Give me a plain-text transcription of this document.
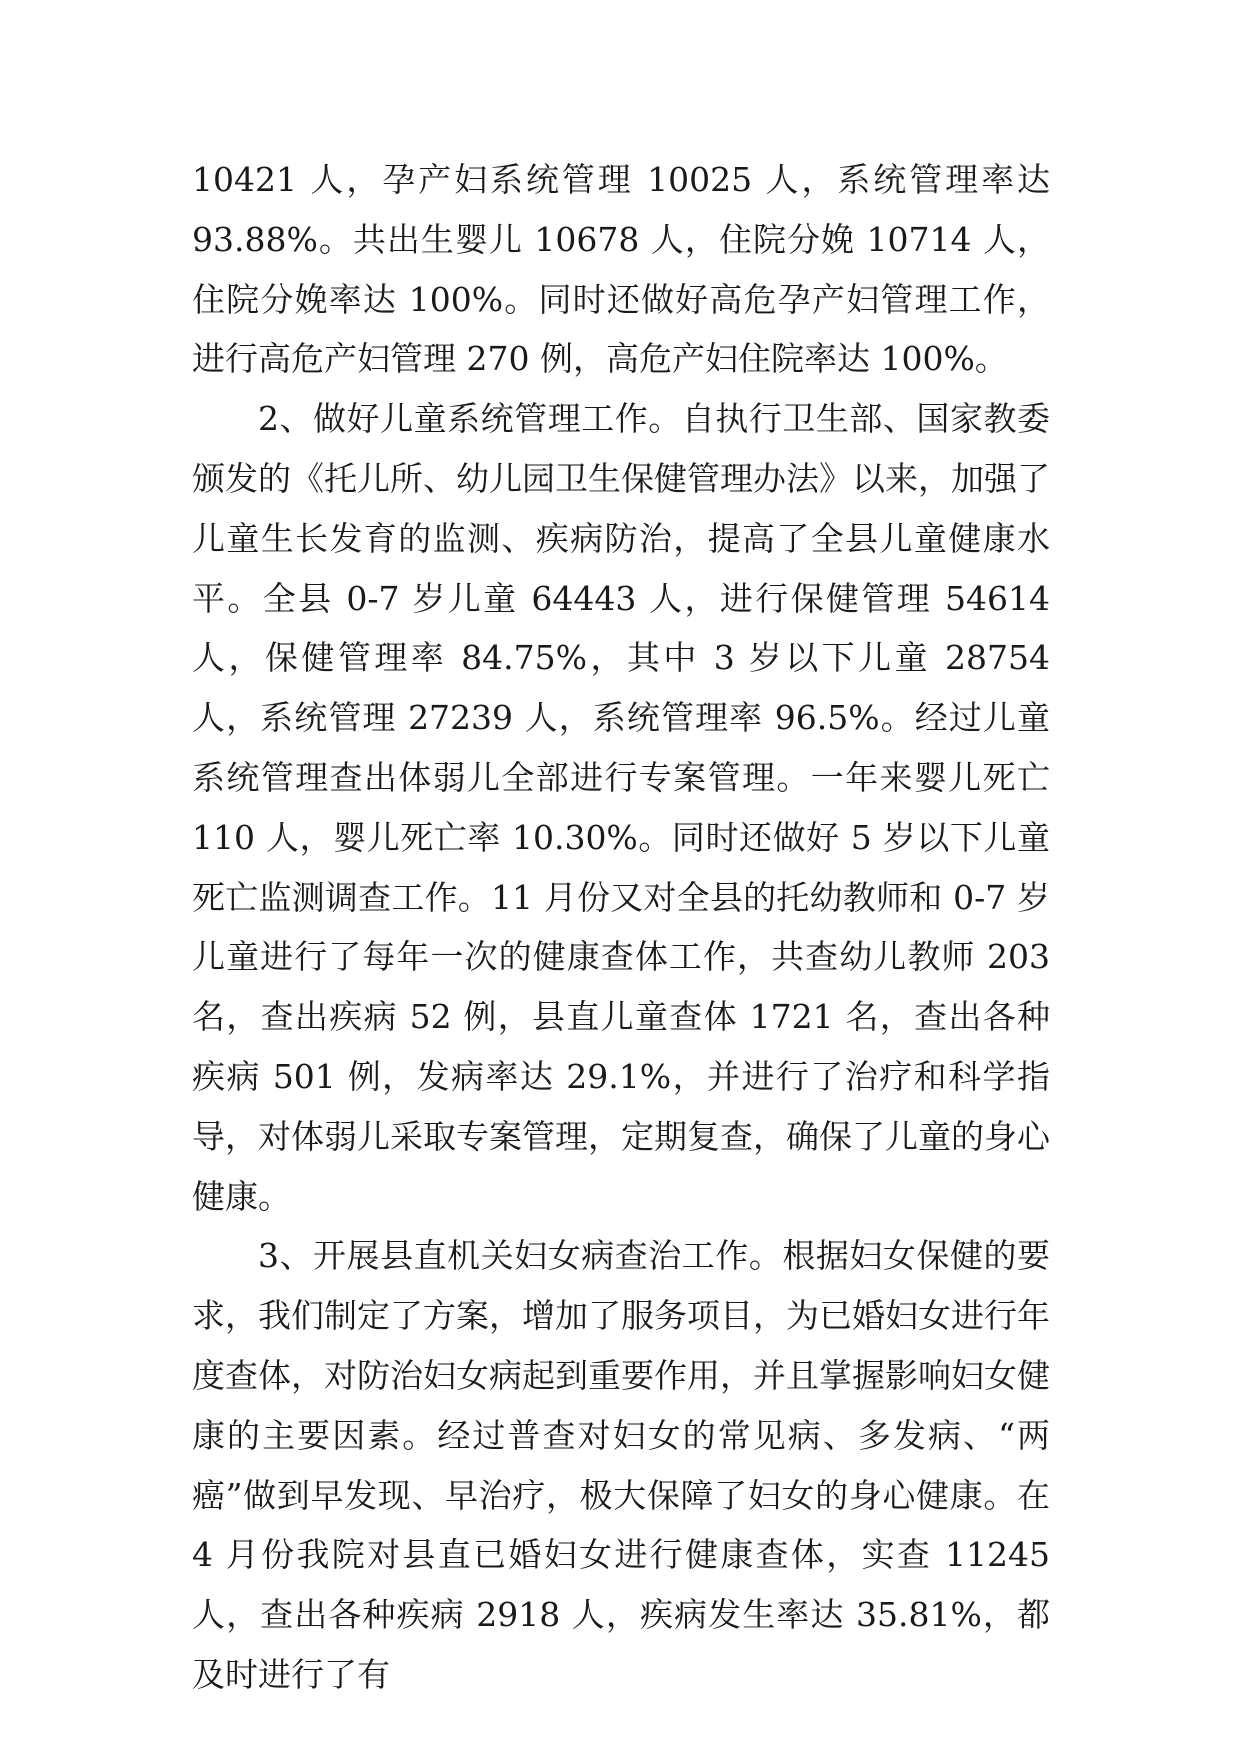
10421 人，孕产妇系统管理 10025 人，系统管理率达 93.88%。共出生婴儿 10678 人，住院分娩 10714 人，住院分娩率达 100%。同时还做好高危孕产妇管理工作，进行高危产妇管理 270 例，高危产妇住院率达 100%。

2、做好儿童系统管理工作。自执行卫生部、国家教委颁发的《托儿所、幼儿园卫生保健管理办法》以来，加强了儿童生长发育的监测、疾病防治，提高了全县儿童健康水平。全县 0-7 岁儿童 64443 人，进行保健管理 54614 人，保健管理率 84.75%，其中 3 岁以下儿童 28754 人，系统管理 27239 人，系统管理率 96.5%。经过儿童系统管理查出体弱儿全部进行专案管理。一年来婴儿死亡 110 人，婴儿死亡率 10.30%。同时还做好 5 岁以下儿童死亡监测调查工作。11 月份又对全县的托幼教师和 0-7 岁儿童进行了每年一次的健康查体工作，共查幼儿教师 203 名，查出疾病 52 例，县直儿童查体 1721 名，查出各种疾病 501 例，发病率达 29.1%，并进行了治疗和科学指导，对体弱儿采取专案管理，定期复查，确保了儿童的身心健康。

3、开展县直机关妇女病查治工作。根据妇女保健的要求，我们制定了方案，增加了服务项目，为已婚妇女进行年度查体，对防治妇女病起到重要作用，并且掌握影响妇女健康的主要因素。经过普查对妇女的常见病、多发病、“两癌”做到早发现、早治疗，极大保障了妇女的身心健康。在 4 月份我院对县直已婚妇女进行健康查体，实查 11245 人，查出各种疾病 2918 人，疾病发生率达 35.81%，都及时进行了有
